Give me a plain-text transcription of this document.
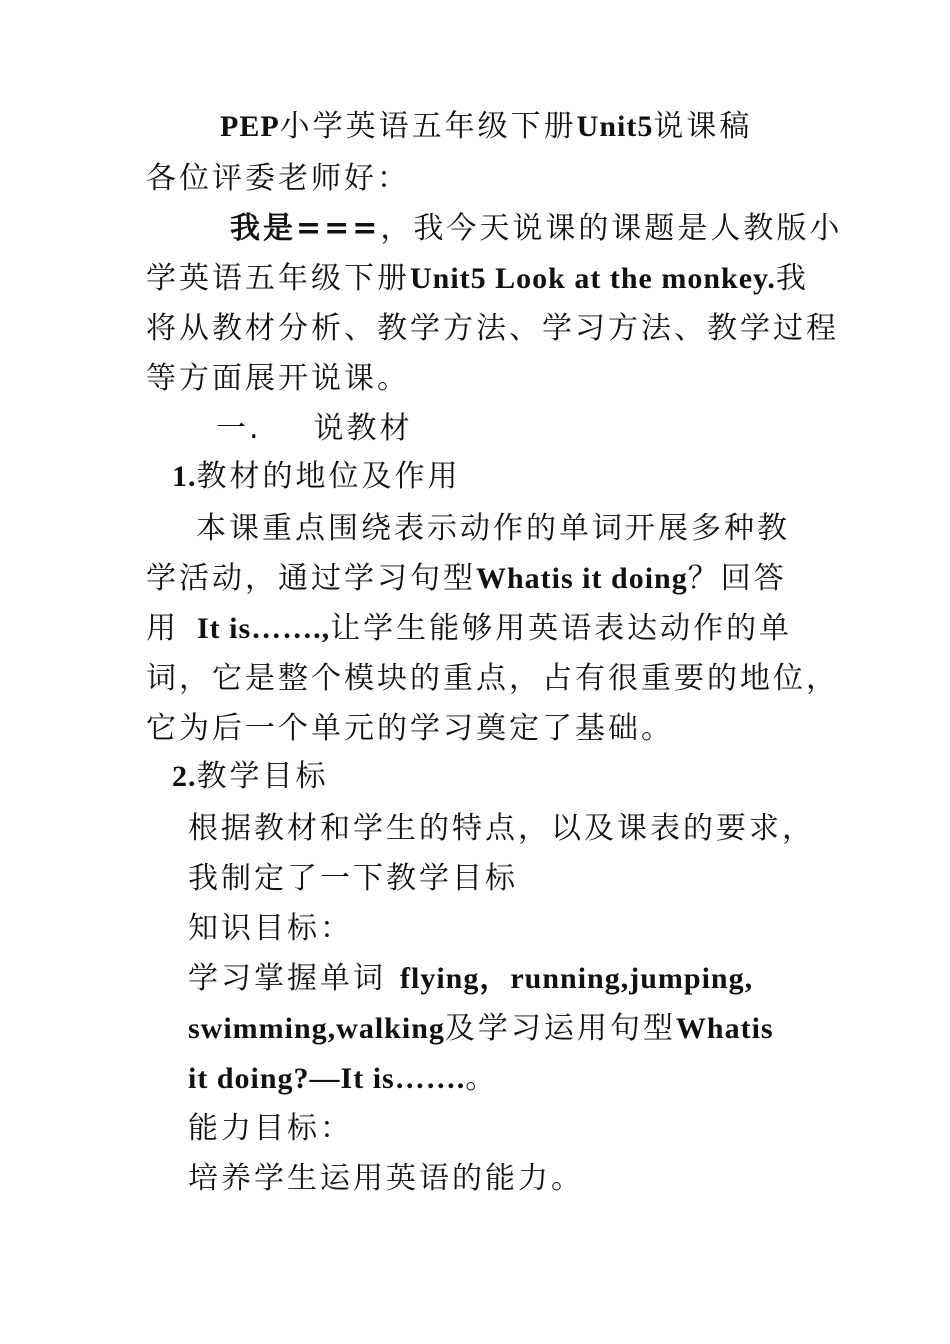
PEP小学英语五年级下册Unit5说课稿
各位评委老师好：
我是===，我今天说课的课题是人教版小
学英语五年级下册Unit5 Look at the monkey.我
将从教材分析、教学方法、学习方法、教学过程
等方面展开说课。
一. 说教材
1.教材的地位及作用
本课重点围绕表示动作的单词开展多种教
学活动，通过学习句型Whatis it doing？回答
用 It is…….,让学生能够用英语表达动作的单
词，它是整个模块的重点，占有很重要的地位，
它为后一个单元的学习奠定了基础。
2.教学目标
根据教材和学生的特点，以及课表的要求，
我制定了一下教学目标
知识目标：
学习掌握单词 flying，running,jumping,
swimming,walking及学习运用句型Whatis
it doing?—It is…….。
能力目标：
培养学生运用英语的能力。
